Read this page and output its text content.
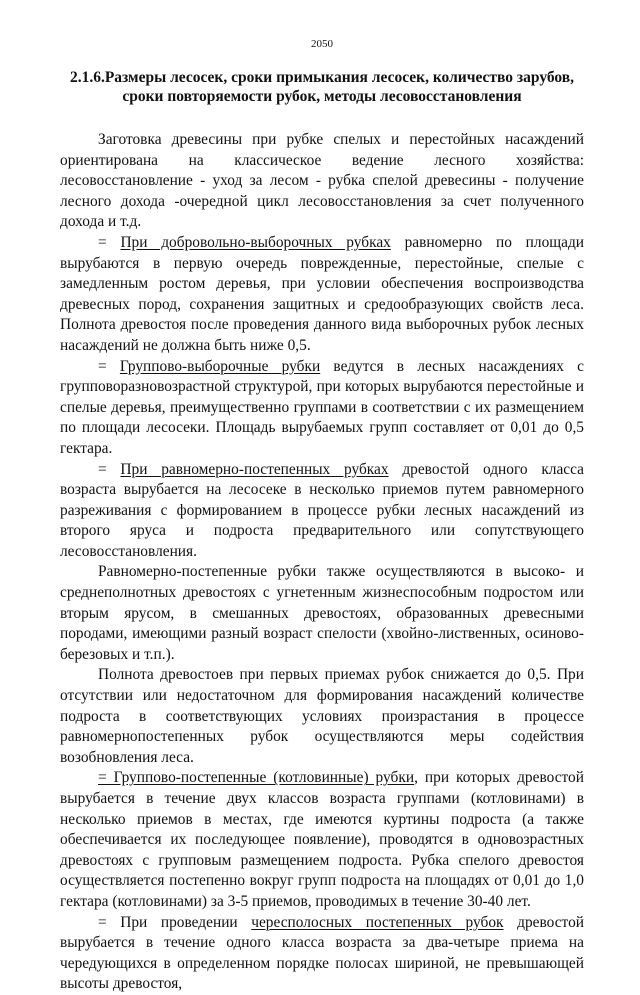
2050
2.1.6.Размеры лесосек, сроки примыкания лесосек, количество зарубов, сроки повторяемости рубок, методы лесовосстановления

Заготовка древесины при рубке спелых и перестойных насаждений ориентирована на классическое ведение лесного хозяйства: лесовосстановление - уход за лесом - рубка спелой древесины - получение лесного дохода -очередной цикл лесовосстановления за счет полученного дохода и т.д.

= При добровольно-выборочных рубках равномерно по площади вырубаются в первую очередь поврежденные, перестойные, спелые с замедленным ростом деревья, при условии обеспечения воспроизводства древесных пород, сохранения защитных и средообразующих свойств леса. Полнота древостоя после проведения данного вида выборочных рубок лесных насаждений не должна быть ниже 0,5.

= Группово-выборочные рубки ведутся в лесных насаждениях с групповоразновозрастной структурой, при которых вырубаются перестойные и спелые деревья, преимущественно группами в соответствии с их размещением по площади лесосеки. Площадь вырубаемых групп составляет от 0,01 до 0,5 гектара.

= При равномерно-постепенных рубках древостой одного класса возраста вырубается на лесосеке в несколько приемов путем равномерного разреживания с формированием в процессе рубки лесных насаждений из второго яруса и подроста предварительного или сопутствующего лесовосстановления.

Равномерно-постепенные рубки также осуществляются в высоко- и среднеполнотных древостоях с угнетенным жизнеспособным подростом или вторым ярусом, в смешанных древостоях, образованных древесными породами, имеющими разный возраст спелости (хвойно-лиственных, осиново-березовых и т.п.).

Полнота древостоев при первых приемах рубок снижается до 0,5. При отсутствии или недостаточном для формирования насаждений количестве подроста в соответствующих условиях произрастания в процессе равномернопостепенных рубок осуществляются меры содействия возобновления леса.

= Группово-постепенные (котловинные) рубки, при которых древостой вырубается в течение двух классов возраста группами (котловинами) в несколько приемов в местах, где имеются куртины подроста (а также обеспечивается их последующее появление), проводятся в одновозрастных древостоях с групповым размещением подроста. Рубка спелого древостоя осуществляется постепенно вокруг групп подроста на площадях от 0,01 до 1,0 гектара (котловинами) за 3-5 приемов, проводимых в течение 30-40 лет.

= При проведении чересполосных постепенных рубок древостой вырубается в течение одного класса возраста за два-четыре приема на чередующихся в определенном порядке полосах шириной, не превышающей высоты древостоя,
